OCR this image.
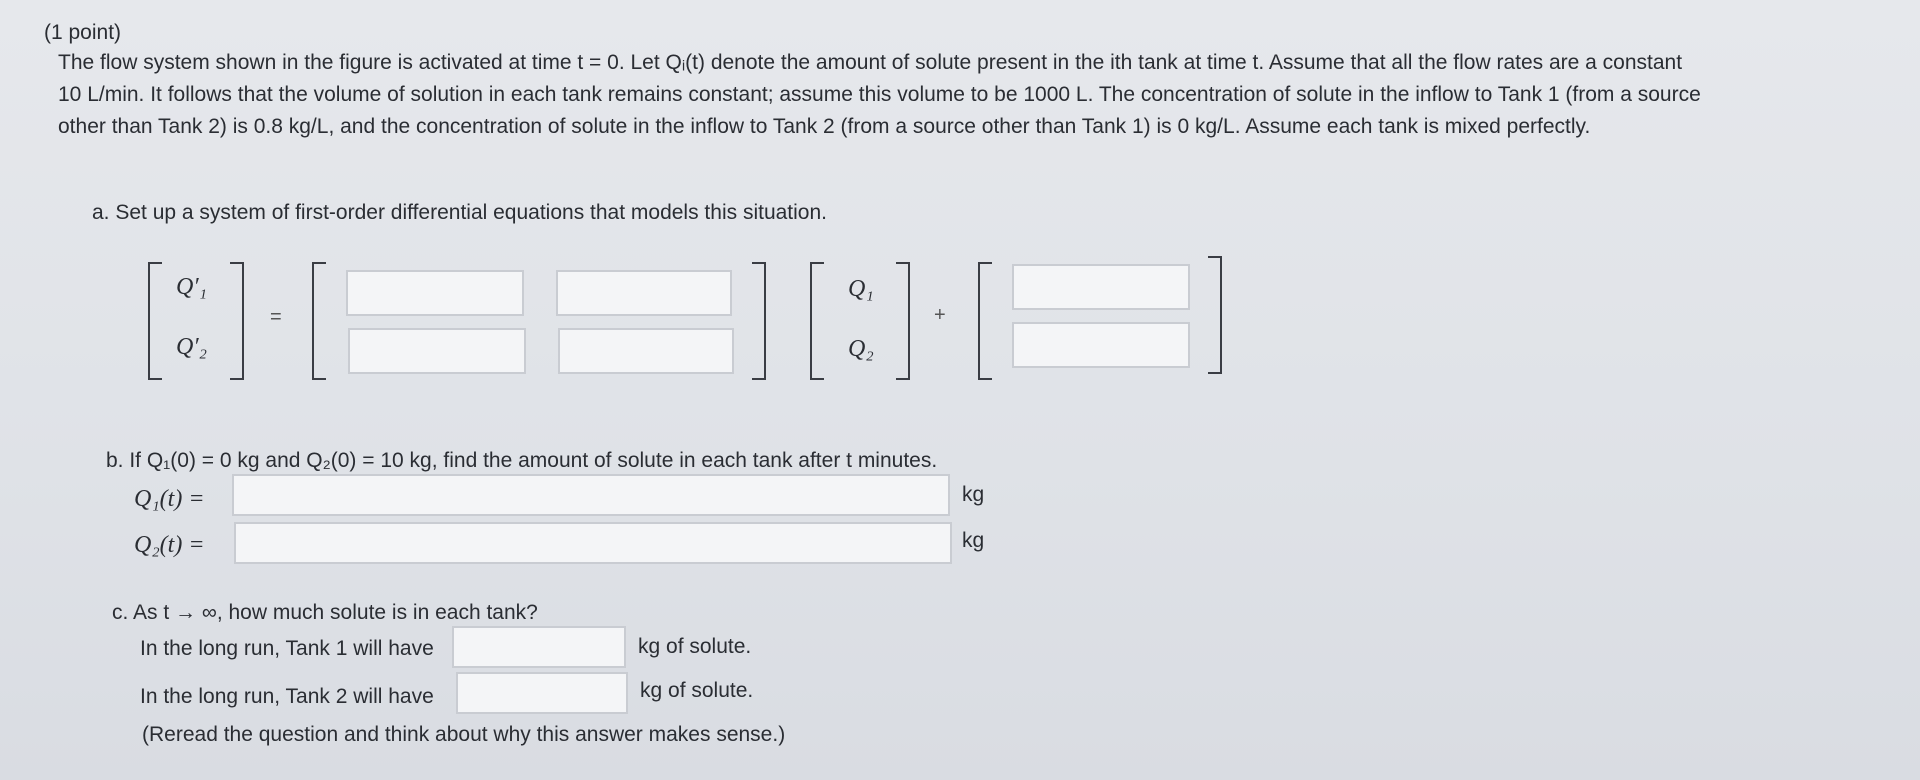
(1 point)
The flow system shown in the figure is activated at time t = 0. Let Qᵢ(t) denote the amount of solute present in the ith tank at time t. Assume that all the flow rates are a constant
10 L/min. It follows that the volume of solution in each tank remains constant; assume this volume to be 1000 L. The concentration of solute in the inflow to Tank 1 (from a source
other than Tank 2) is 0.8 kg/L, and the concentration of solute in the inflow to Tank 2 (from a source other than Tank 1) is 0 kg/L. Assume each tank is mixed perfectly.
a. Set up a system of first-order differential equations that models this situation.
Q′₁
Q′₂
=
Q₁
Q₂
+
b. If Q₁(0) = 0 kg and Q₂(0) = 10 kg, find the amount of solute in each tank after t minutes.
Q₁(t) =	kg
Q₂(t) =	kg
c. As t → ∞, how much solute is in each tank?
In the long run, Tank 1 will have	kg of solute.
In the long run, Tank 2 will have	kg of solute.
(Reread the question and think about why this answer makes sense.)
